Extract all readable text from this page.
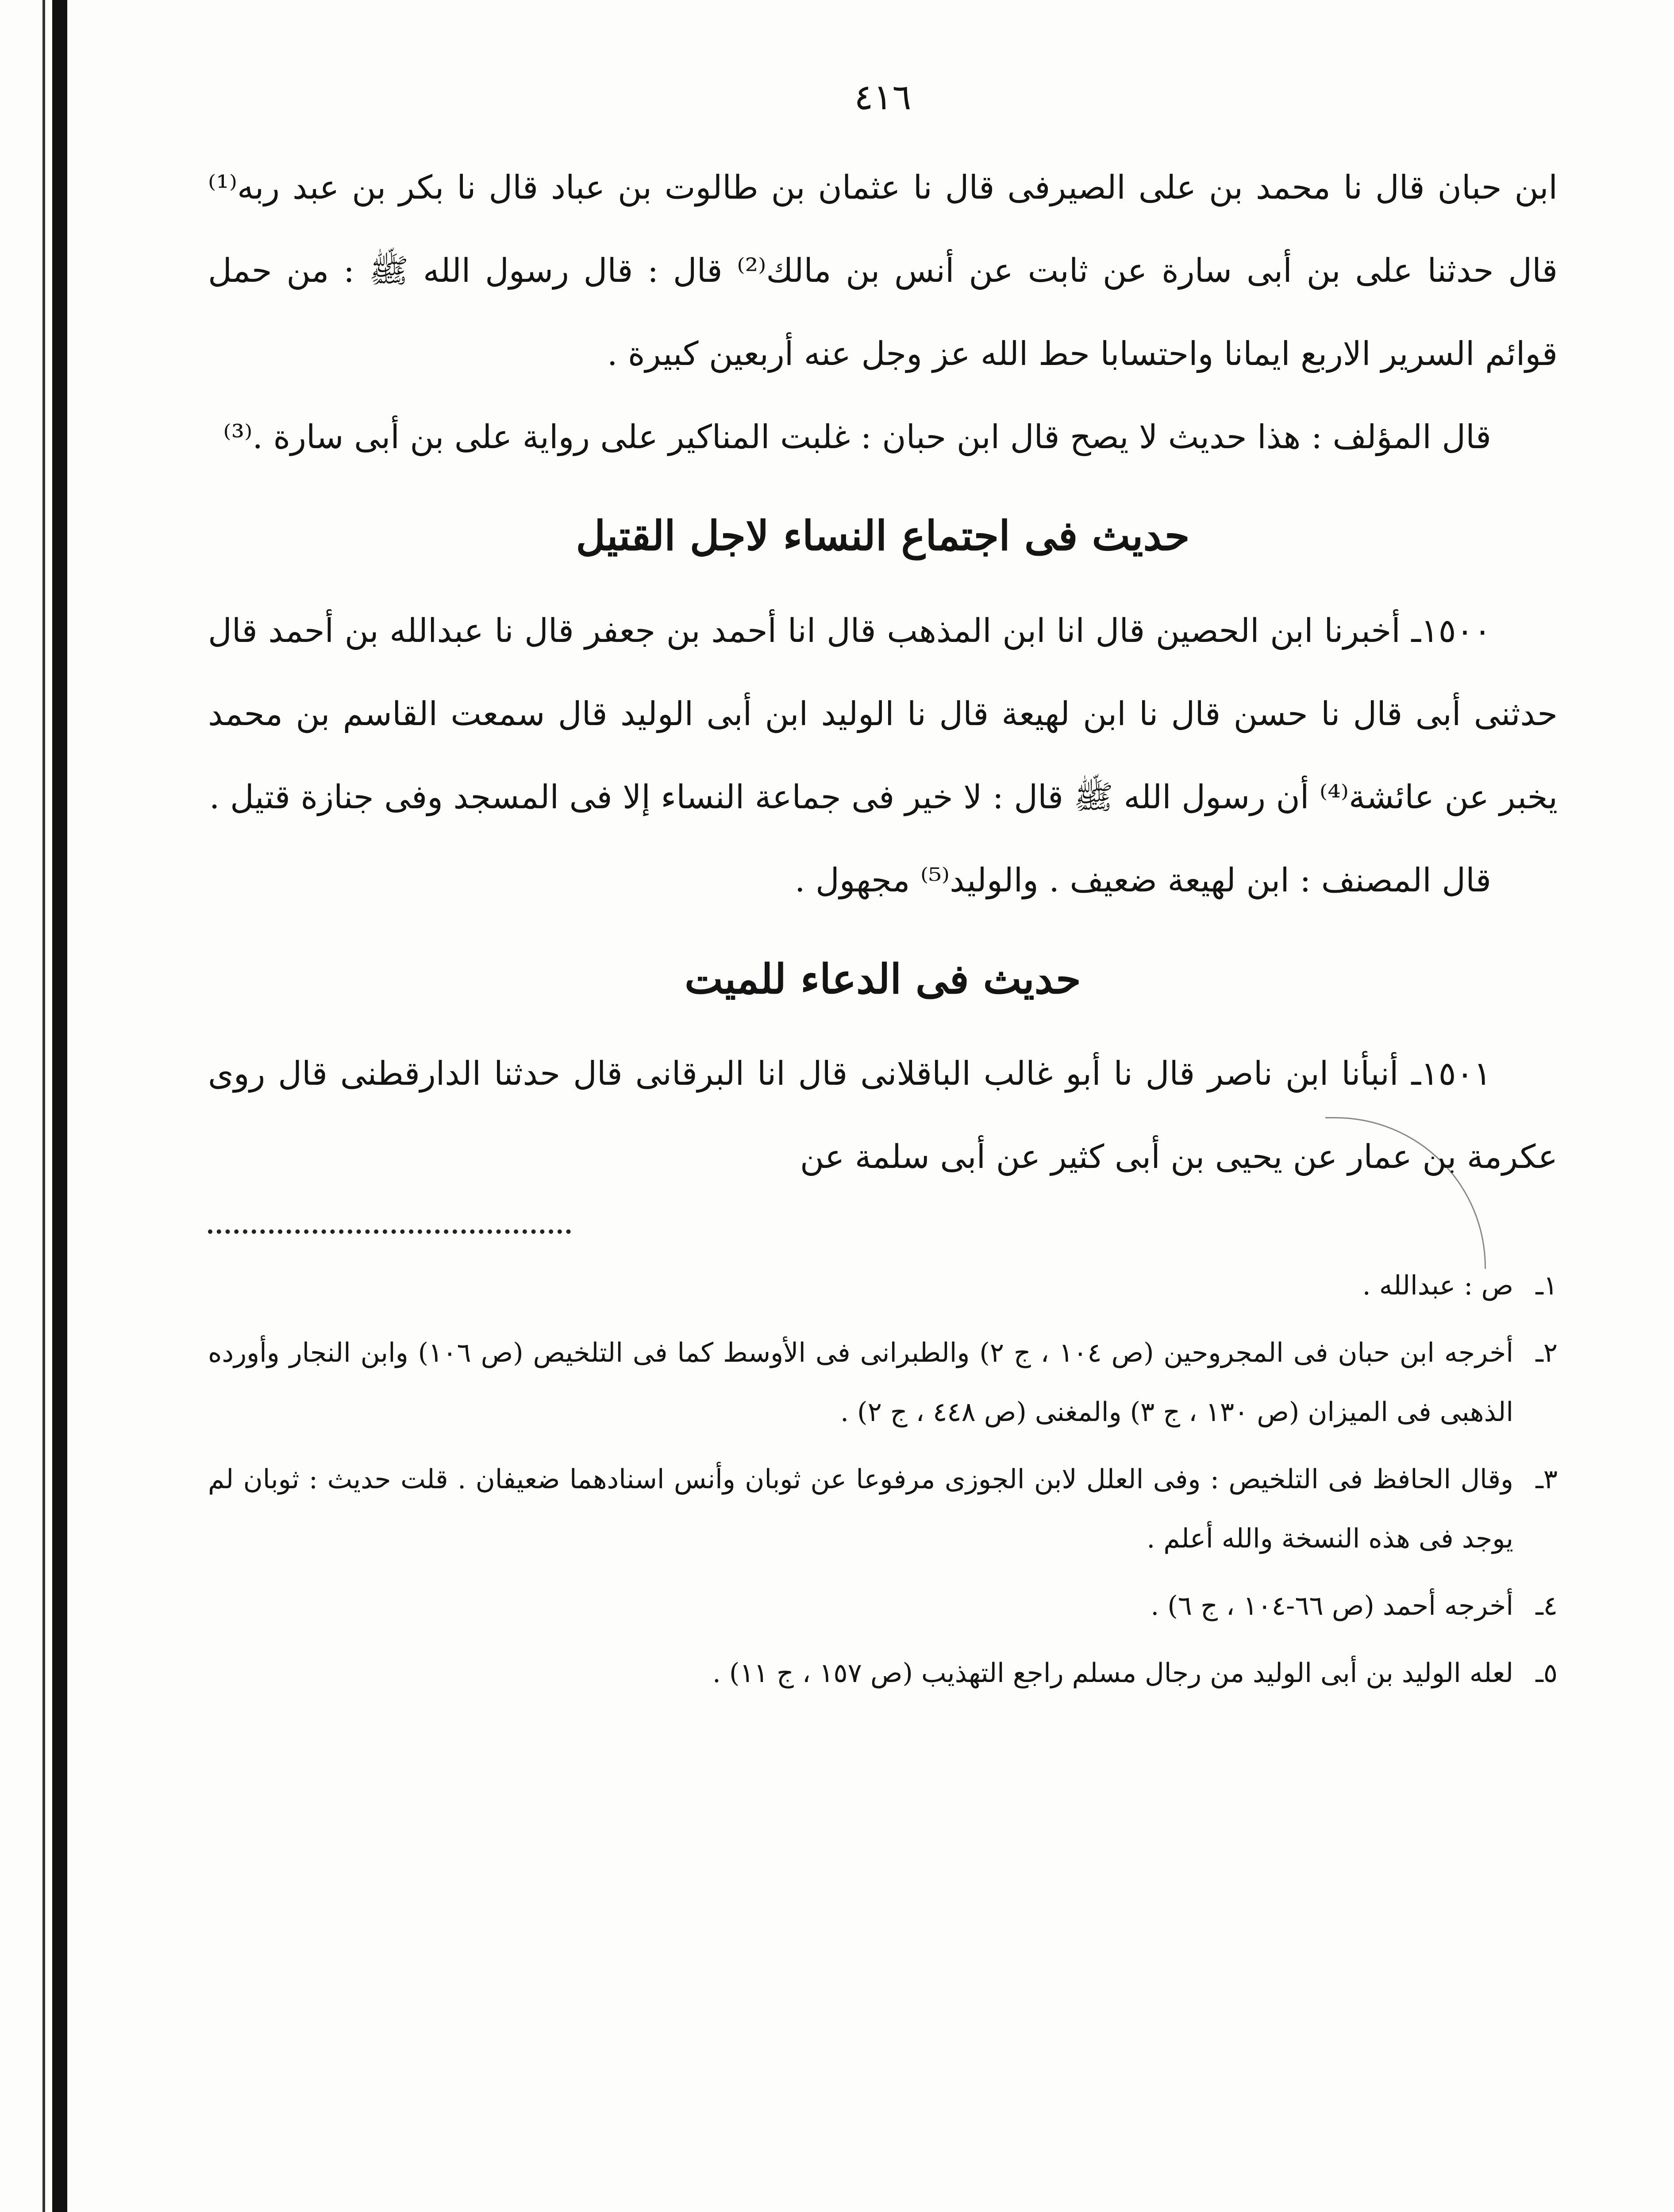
٤١٦

ابن حبان قال نا محمد بن على الصيرفى قال نا عثمان بن طالوت بن عباد قال نا بكر بن عبد ربه⁽¹⁾ قال حدثنا على بن أبى سارة عن ثابت عن أنس بن مالك⁽²⁾ قال : قال رسول الله ﷺ : من حمل قوائم السرير الاربع ايمانا واحتسابا حط الله عز وجل عنه أربعين كبيرة .

قال المؤلف : هذا حديث لا يصح قال ابن حبان : غلبت المناكير على رواية على بن أبى سارة .⁽³⁾

حديث فى اجتماع النساء لاجل القتيل

١٥٠٠ـ أخبرنا ابن الحصين قال انا ابن المذهب قال انا أحمد بن جعفر قال نا عبدالله بن أحمد قال حدثنى أبى قال نا حسن قال نا ابن لهيعة قال نا الوليد ابن أبى الوليد قال سمعت القاسم بن محمد يخبر عن عائشة⁽⁴⁾ أن رسول الله ﷺ قال : لا خير فى جماعة النساء إلا فى المسجد وفى جنازة قتيل .

قال المصنف : ابن لهيعة ضعيف . والوليد⁽⁵⁾ مجهول .

حديث فى الدعاء للميت

١٥٠١ـ أنبأنا ابن ناصر قال نا أبو غالب الباقلانى قال انا البرقانى قال حدثنا الدارقطنى قال روى عكرمة بن عمار عن يحيى بن أبى كثير عن أبى سلمة عن

١ـ
ص : عبدالله .
٢ـ
أخرجه ابن حبان فى المجروحين (ص ١٠٤ ، ج ٢) والطبرانى فى الأوسط كما فى التلخيص (ص ١٠٦) وابن النجار وأورده الذهبى فى الميزان (ص ١٣٠ ، ج ٣) والمغنى (ص ٤٤٨ ، ج ٢) .
٣ـ
وقال الحافظ فى التلخيص : وفى العلل لابن الجوزى مرفوعا عن ثوبان وأنس اسنادهما ضعيفان . قلت حديث : ثوبان لم يوجد فى هذه النسخة والله أعلم .
٤ـ
أخرجه أحمد (ص ٦٦-١٠٤ ، ج ٦) .
٥ـ
لعله الوليد بن أبى الوليد من رجال مسلم راجع التهذيب (ص ١٥٧ ، ج ١١) .
